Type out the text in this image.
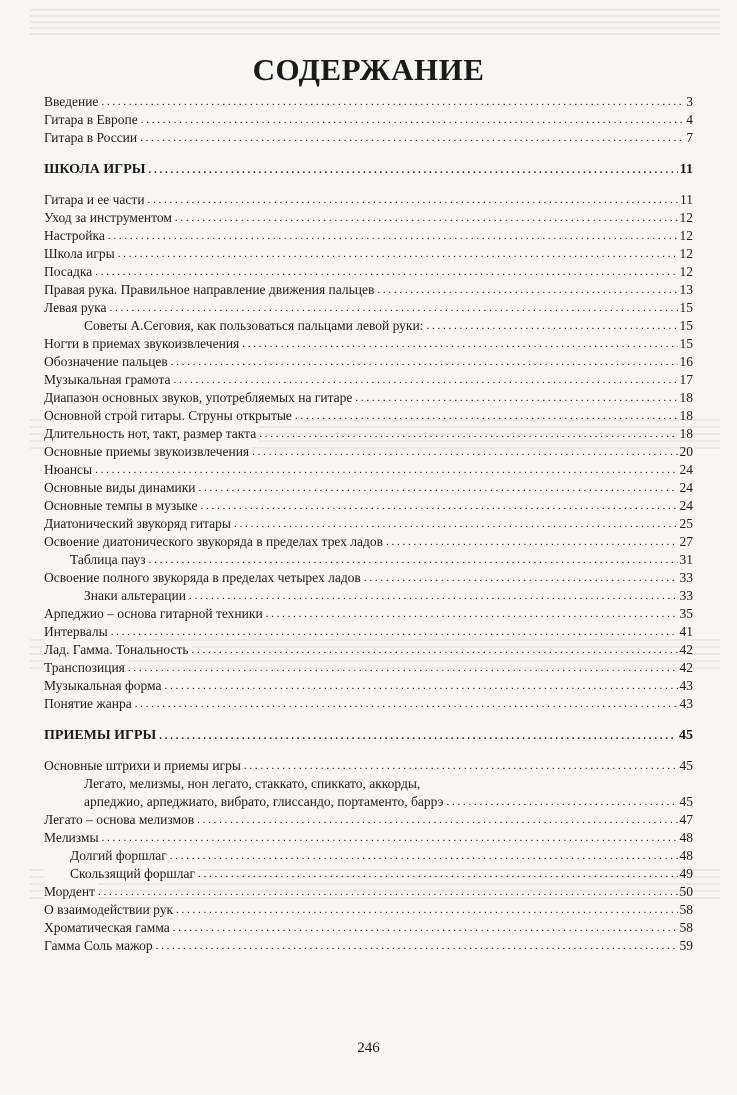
СОДЕРЖАНИЕ
Введение . . .	3
Гитара в Европе . . .	4
Гитара в России . . .	7
ШКОЛА ИГРЫ . . .	11
Гитара и ее части . . .	11
Уход за инструментом . . .	12
Настройка . . .	12
Школа игры . . .	12
Посадка . . .	12
Правая рука. Правильное направление движения пальцев . . .	13
Левая рука . . .	15
Советы А.Сеговия, как пользоваться пальцами левой руки: . . .	15
Ногти в приемах звукоизвлечения . . .	15
Обозначение пальцев . . .	16
Музыкальная грамота . . .	17
Диапазон основных звуков, употребляемых на гитаре . . .	18
Основной строй гитары. Струны открытые . . .	18
Длительность нот, такт, размер такта . . .	18
Основные приемы звукоизвлечения . . .	20
Нюансы . . .	24
Основные виды динамики . . .	24
Основные темпы в музыке . . .	24
Диатонический звукоряд гитары . . .	25
Освоение диатонического звукоряда в пределах трех ладов . . .	27
Таблица пауз . . .	31
Освоение полного звукоряда в пределах четырех ладов . . .	33
Знаки альтерации . . .	33
Арпеджио – основа гитарной техники . . .	35
Интервалы . . .	41
Лад. Гамма. Тональность . . .	42
Транспозиция . . .	42
Музыкальная форма . . .	43
Понятие жанра . . .	43
ПРИЕМЫ ИГРЫ . . .	45
Основные штрихи и приемы игры . . .	45
Легато, мелизмы, нон легато, стаккато, спиккато, аккорды,
арпеджио, арпеджиато, вибрато, глиссандо, портаменто, баррэ . . .	45
Легато – основа мелизмов . . .	47
Мелизмы . . .	48
Долгий форшлаг . . .	48
Скользящий форшлаг . . .	49
Мордент . . .	50
О взаимодействии рук . . .	58
Хроматическая гамма . . .	58
Гамма Соль мажор . . .	59
246
